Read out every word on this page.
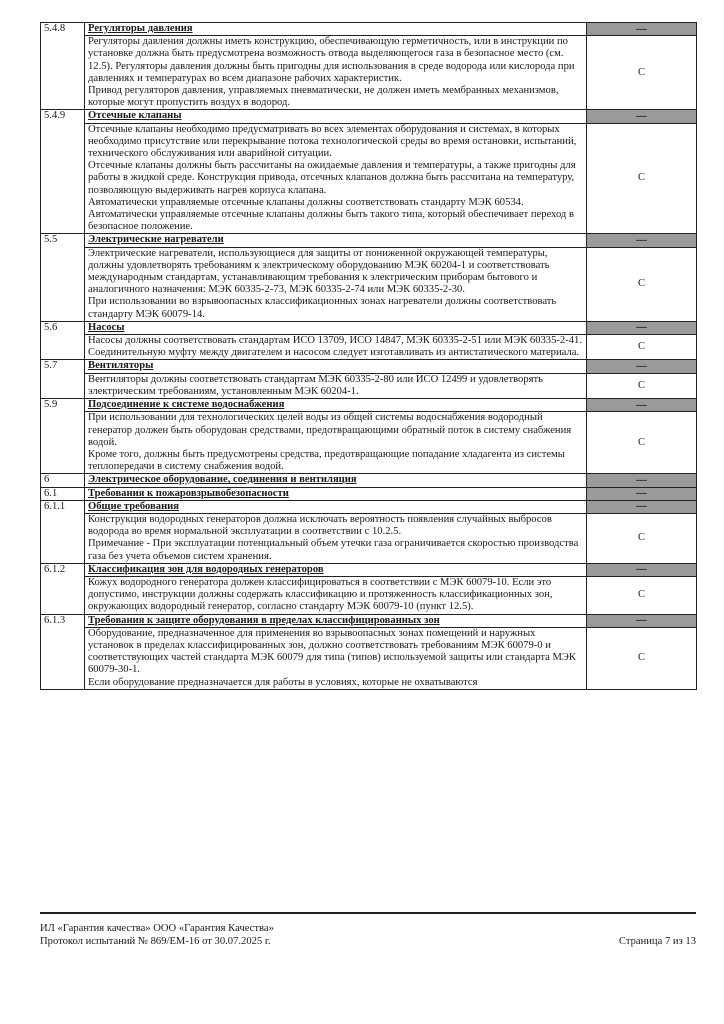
5.4.8	Регуляторы давления	—

	Регуляторы давления должны иметь конструкцию, обеспечивающую герметичность, или в инструкции по установке должна быть предусмотрена возможность отвода выделяющегося газа в безопасное место (см. 12.5). Регуляторы давления должны быть пригодны для использования в среде водорода или кислорода при давлениях и температурах во всем диапазоне рабочих характеристик.

Привод регуляторов давления, управляемых пневматически, не должен иметь мембранных механизмов, которые могут пропустить воздух в водород.	С
5.4.9	Отсечные клапаны	—

	Отсечные клапаны необходимо предусматривать во всех элементах оборудования и системах, в которых необходимо присутствие или перекрывание потока технологической среды во время остановки, испытаний, технического обслуживания или аварийной ситуации.

Отсечные клапаны должны быть рассчитаны на ожидаемые давления и температуры, а также пригодны для работы в жидкой среде. Конструкция привода, отсечных клапанов должна быть рассчитана на температуру, позволяющую выдерживать нагрев корпуса клапана.

Автоматически управляемые отсечные клапаны должны соответствовать стандарту МЭК 60534.

Автоматически управляемые отсечные клапаны должны быть такого типа, который обеспечивает переход в безопасное положение.	С
5.5	Электрические нагреватели	—

	Электрические нагреватели, использующиеся для защиты от пониженной окружающей температуры, должны удовлетворять требованиям к электрическому оборудованию МЭК 60204-1 и соответствовать международным стандартам, устанавливающим требования к электрическим приборам бытового и аналогичного назначения: МЭК 60335-2-73, МЭК 60335-2-74 или МЭК 60335-2-30.

При использовании во взрывоопасных классификационных зонах нагреватели должны соответствовать стандарту МЭК 60079-14.	С
5.6	Насосы	—

	Насосы должны соответствовать стандартам ИСО 13709, ИСО 14847, МЭК 60335-2-51 или МЭК 60335-2-41.

Соединительную муфту между двигателем и насосом следует изготавливать из антистатического материала.	С
5.7	Вентиляторы	—

	Вентиляторы должны соответствовать стандартам МЭК 60335-2-80 или ИСО 12499 и удовлетворять электрическим требованиям, установленным МЭК 60204-1.	С
5.9	Подсоединение к системе водоснабжения	—

	При использовании для технологических целей воды из общей системы водоснабжения водородный генератор должен быть оборудован средствами, предотвращающими обратный поток в систему снабжения водой.

Кроме того, должны быть предусмотрены средства, предотвращающие попадание хладагента из системы теплопередачи в систему снабжения водой.	С
6	Электрическое оборудование, соединения и вентиляция	—

6.1	Требования к пожаровзрывобезопасности	—

6.1.1	Общие требования	—

	Конструкция водородных генераторов должна исключать вероятность появления случайных выбросов водорода во время нормальной эксплуатации в соответствии с 10.2.5.

Примечание - При эксплуатации потенциальный объем утечки газа ограничивается скоростью производства газа без учета объемов систем хранения.	С
6.1.2	Классификация зон для водородных генераторов	—

	Кожух водородного генератора должен классифицироваться в соответствии с МЭК 60079-10. Если это допустимо, инструкции должны содержать классификацию и протяженность классификационных зон, окружающих водородный генератор, согласно стандарту МЭК 60079-10 (пункт 12.5).	С
6.1.3	Требования к защите оборудования в пределах классифицированных зон	—

	Оборудование, предназначенное для применения во взрывоопасных зонах помещений и наружных установок в пределах классифицированных зон, должно соответствовать требованиям МЭК 60079-0 и соответствующих частей стандарта МЭК 60079 для типа (типов) используемой защиты или стандарта МЭК 60079-30-1.

Если оборудование предназначается для работы в условиях, которые не охватываются	С
ИЛ «Гарантия качества» ООО «Гарантия Качества»
Протокол испытаний № 869/ЕМ-16 от 30.07.2025 г.	Страница 7 из 13
